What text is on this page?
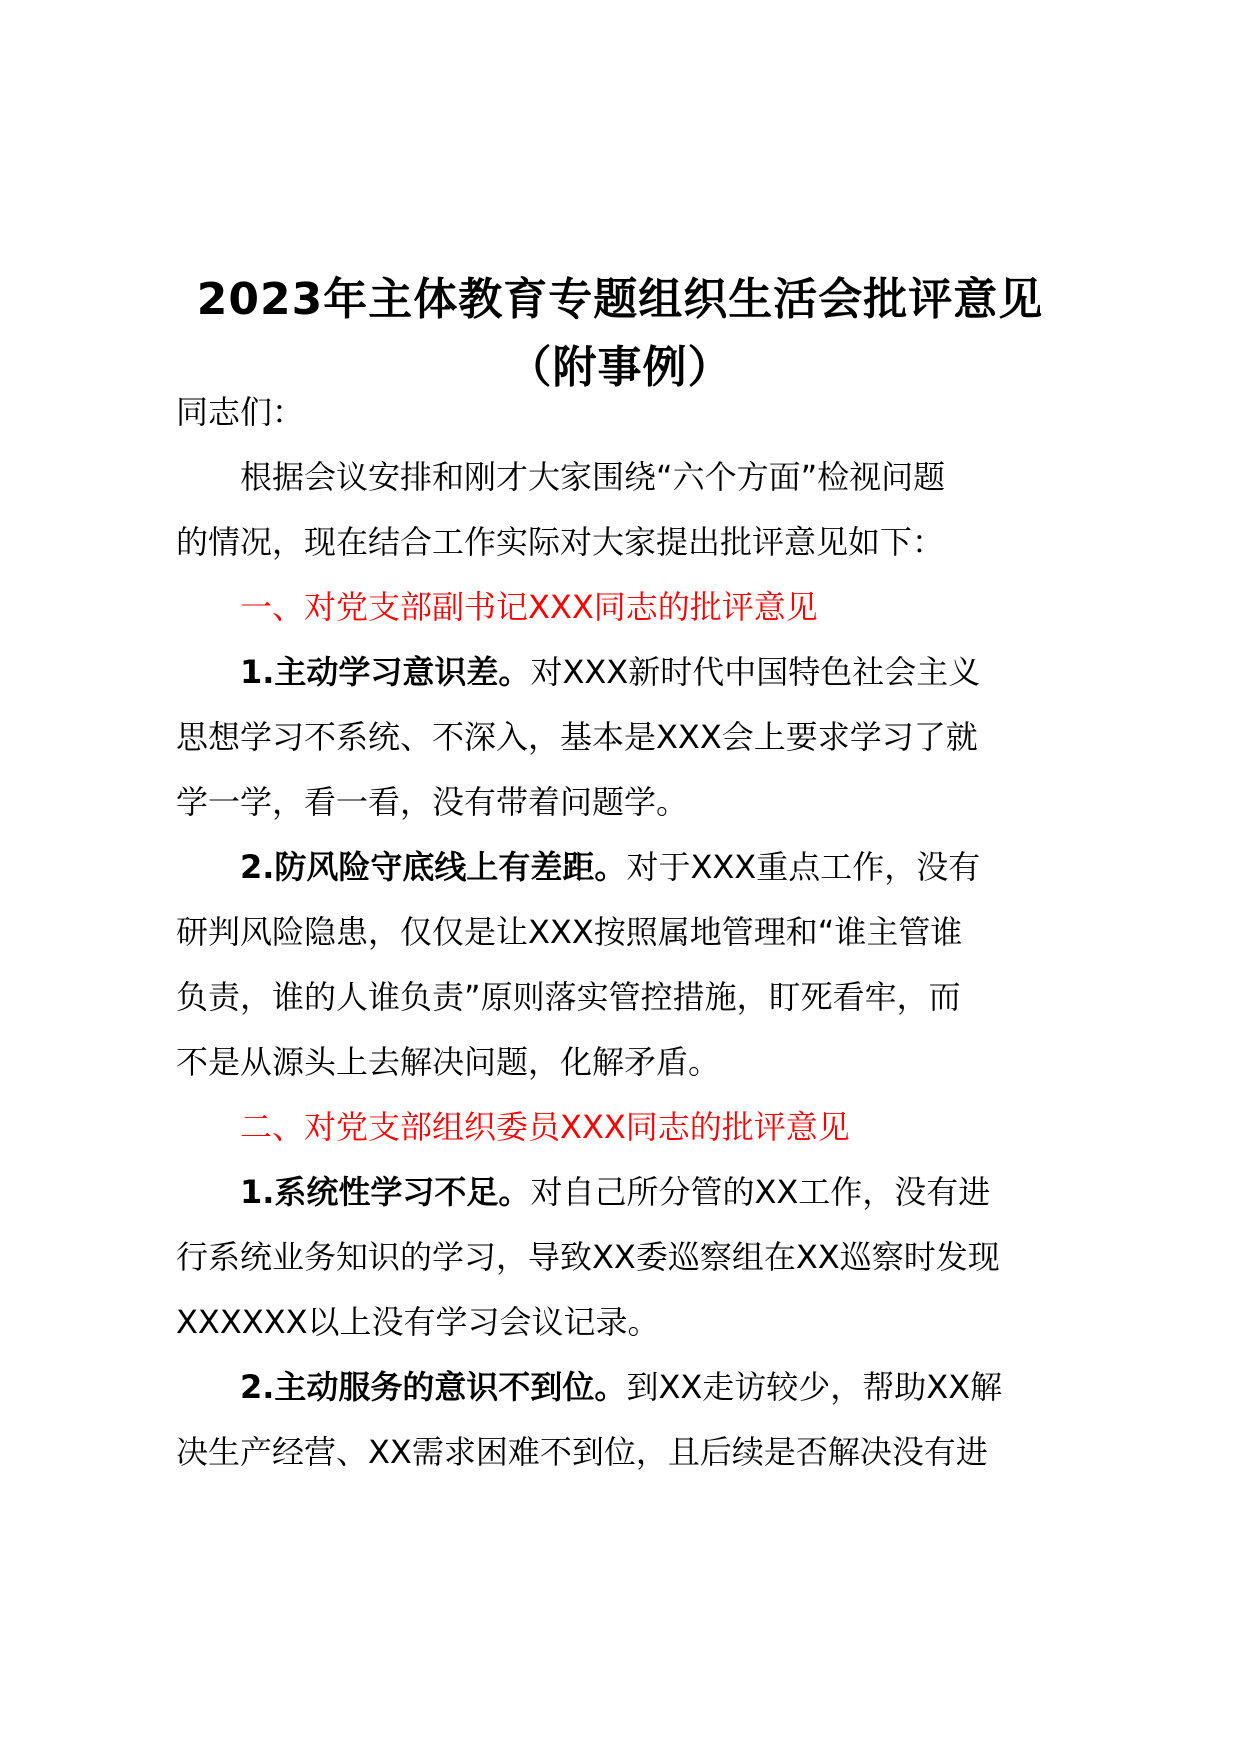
2023年主体教育专题组织生活会批评意见
（附事例）
同志们：
根据会议安排和刚才大家围绕“六个方面”检视问题
的情况，现在结合工作实际对大家提出批评意见如下：
一、对党支部副书记XXX同志的批评意见
1.主动学习意识差。对XXX新时代中国特色社会主义
思想学习不系统、不深入，基本是XXX会上要求学习了就
学一学，看一看，没有带着问题学。
2.防风险守底线上有差距。对于XXX重点工作，没有
研判风险隐患，仅仅是让XXX按照属地管理和“谁主管谁
负责，谁的人谁负责”原则落实管控措施，盯死看牢，而
不是从源头上去解决问题，化解矛盾。
二、对党支部组织委员XXX同志的批评意见
1.系统性学习不足。对自己所分管的XX工作，没有进
行系统业务知识的学习，导致XX委巡察组在XX巡察时发现
XXXXXX以上没有学习会议记录。
2.主动服务的意识不到位。到XX走访较少，帮助XX解
决生产经营、XX需求困难不到位，且后续是否解决没有进
